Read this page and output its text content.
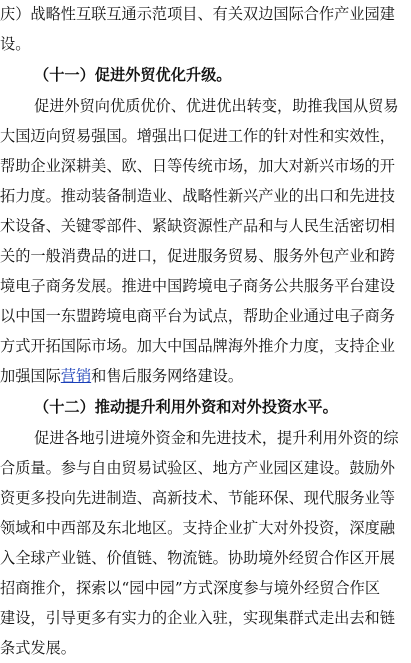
庆）战略性互联互通示范项目、有关双边国际合作产业园建
设。
（十一）促进外贸优化升级。
促进外贸向优质优价、优进优出转变，助推我国从贸易
大国迈向贸易强国。增强出口促进工作的针对性和实效性，
帮助企业深耕美、欧、日等传统市场，加大对新兴市场的开
拓力度。推动装备制造业、战略性新兴产业的出口和先进技
术设备、关键零部件、紧缺资源性产品和与人民生活密切相
关的一般消费品的进口，促进服务贸易、服务外包产业和跨
境电子商务发展。推进中国跨境电子商务公共服务平台建设
以中国一东盟跨境电商平台为试点，帮助企业通过电子商务
方式开拓国际市场。加大中国品牌海外推介力度，支持企业
加强国际营销和售后服务网络建设。
（十二）推动提升利用外资和对外投资水平。
促进各地引进境外资金和先进技术，提升利用外资的综
合质量。参与自由贸易试验区、地方产业园区建设。鼓励外
资更多投向先进制造、高新技术、节能环保、现代服务业等
领域和中西部及东北地区。支持企业扩大对外投资，深度融
入全球产业链、价值链、物流链。协助境外经贸合作区开展
招商推介，探索以“园中园”方式深度参与境外经贸合作区
建设，引导更多有实力的企业入驻，实现集群式走出去和链
条式发展。
